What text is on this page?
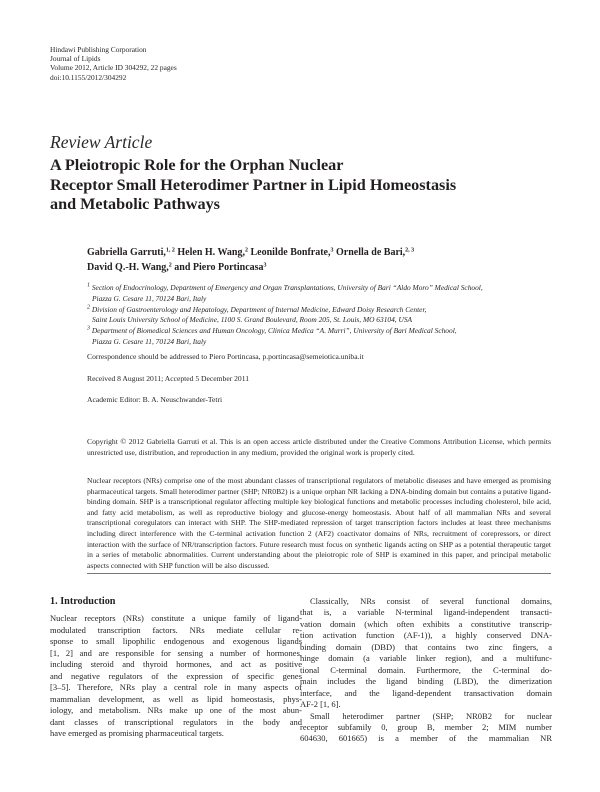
Hindawi Publishing Corporation
Journal of Lipids
Volume 2012, Article ID 304292, 22 pages
doi:10.1155/2012/304292
Review Article
A Pleiotropic Role for the Orphan Nuclear
Receptor Small Heterodimer Partner in Lipid Homeostasis
and Metabolic Pathways
Gabriella Garruti,$^{1, 2}$ Helen H. Wang,$^2$ Leonilde Bonfrate,$^3$ Ornella de Bari,$^{2, 3}$
David Q.-H. Wang,$^2$ and Piero Portincasa$^3$
$^1$ Section of Endocrinology, Department of Emergency and Organ Transplantations, University of Bari “Aldo Moro” Medical School,
Piazza G. Cesare 11, 70124 Bari, Italy
$^2$ Division of Gastroenterology and Hepatology, Department of Internal Medicine, Edward Doisy Research Center,
Saint Louis University School of Medicine, 1100 S. Grand Boulevard, Room 205, St. Louis, MO 63104, USA
$^3$ Department of Biomedical Sciences and Human Oncology, Clinica Medica “A. Murri”, University of Bari Medical School,
Piazza G. Cesare 11, 70124 Bari, Italy
Correspondence should be addressed to Piero Portincasa, p.portincasa@semeiotica.uniba.it
Received 8 August 2011; Accepted 5 December 2011
Academic Editor: B. A. Neuschwander-Tetri
Copyright © 2012 Gabriella Garruti et al. This is an open access article distributed under the Creative Commons Attribution License, which permits unrestricted use, distribution, and reproduction in any medium, provided the original work is properly cited.
Nuclear receptors (NRs) comprise one of the most abundant classes of transcriptional regulators of metabolic diseases and have emerged as promising pharmaceutical targets. Small heterodimer partner (SHP; NR0B2) is a unique orphan NR lacking a DNA-binding domain but contains a putative ligand-binding domain. SHP is a transcriptional regulator affecting multiple key biological functions and metabolic processes including cholesterol, bile acid, and fatty acid metabolism, as well as reproductive biology and glucose-energy homeostasis. About half of all mammalian NRs and several transcriptional coregulators can interact with SHP. The SHP-mediated repression of target transcription factors includes at least three mechanisms including direct interference with the C-terminal activation function 2 (AF2) coactivator domains of NRs, recruitment of corepressors, or direct interaction with the surface of NR/transcription factors. Future research must focus on synthetic ligands acting on SHP as a potential therapeutic target in a series of metabolic abnormalities. Current understanding about the pleiotropic role of SHP is examined in this paper, and principal metabolic aspects connected with SHP function will be also discussed.
1. Introduction
Nuclear receptors (NRs) constitute a unique family of ligand-
modulated transcription factors. NRs mediate cellular re-
sponse to small lipophilic endogenous and exogenous ligands
[1, 2] and are responsible for sensing a number of hormones,
including steroid and thyroid hormones, and act as positive
and negative regulators of the expression of specific genes
[3–5]. Therefore, NRs play a central role in many aspects of
mammalian development, as well as lipid homeostasis, phys-
iology, and metabolism. NRs make up one of the most abun-
dant classes of transcriptional regulators in the body and
have emerged as promising pharmaceutical targets.
Classically, NRs consist of several functional domains,
that is, a variable N-terminal ligand-independent transacti-
vation domain (which often exhibits a constitutive transcrip-
tion activation function (AF-1)), a highly conserved DNA-
binding domain (DBD) that contains two zinc fingers, a
hinge domain (a variable linker region), and a multifunc-
tional C-terminal domain. Furthermore, the C-terminal do-
main includes the ligand binding (LBD), the dimerization
interface, and the ligand-dependent transactivation domain
AF-2 [1, 6].
Small heterodimer partner (SHP; NR0B2 for nuclear
receptor subfamily 0, group B, member 2; MIM number
604630, 601665) is a member of the mammalian NR
